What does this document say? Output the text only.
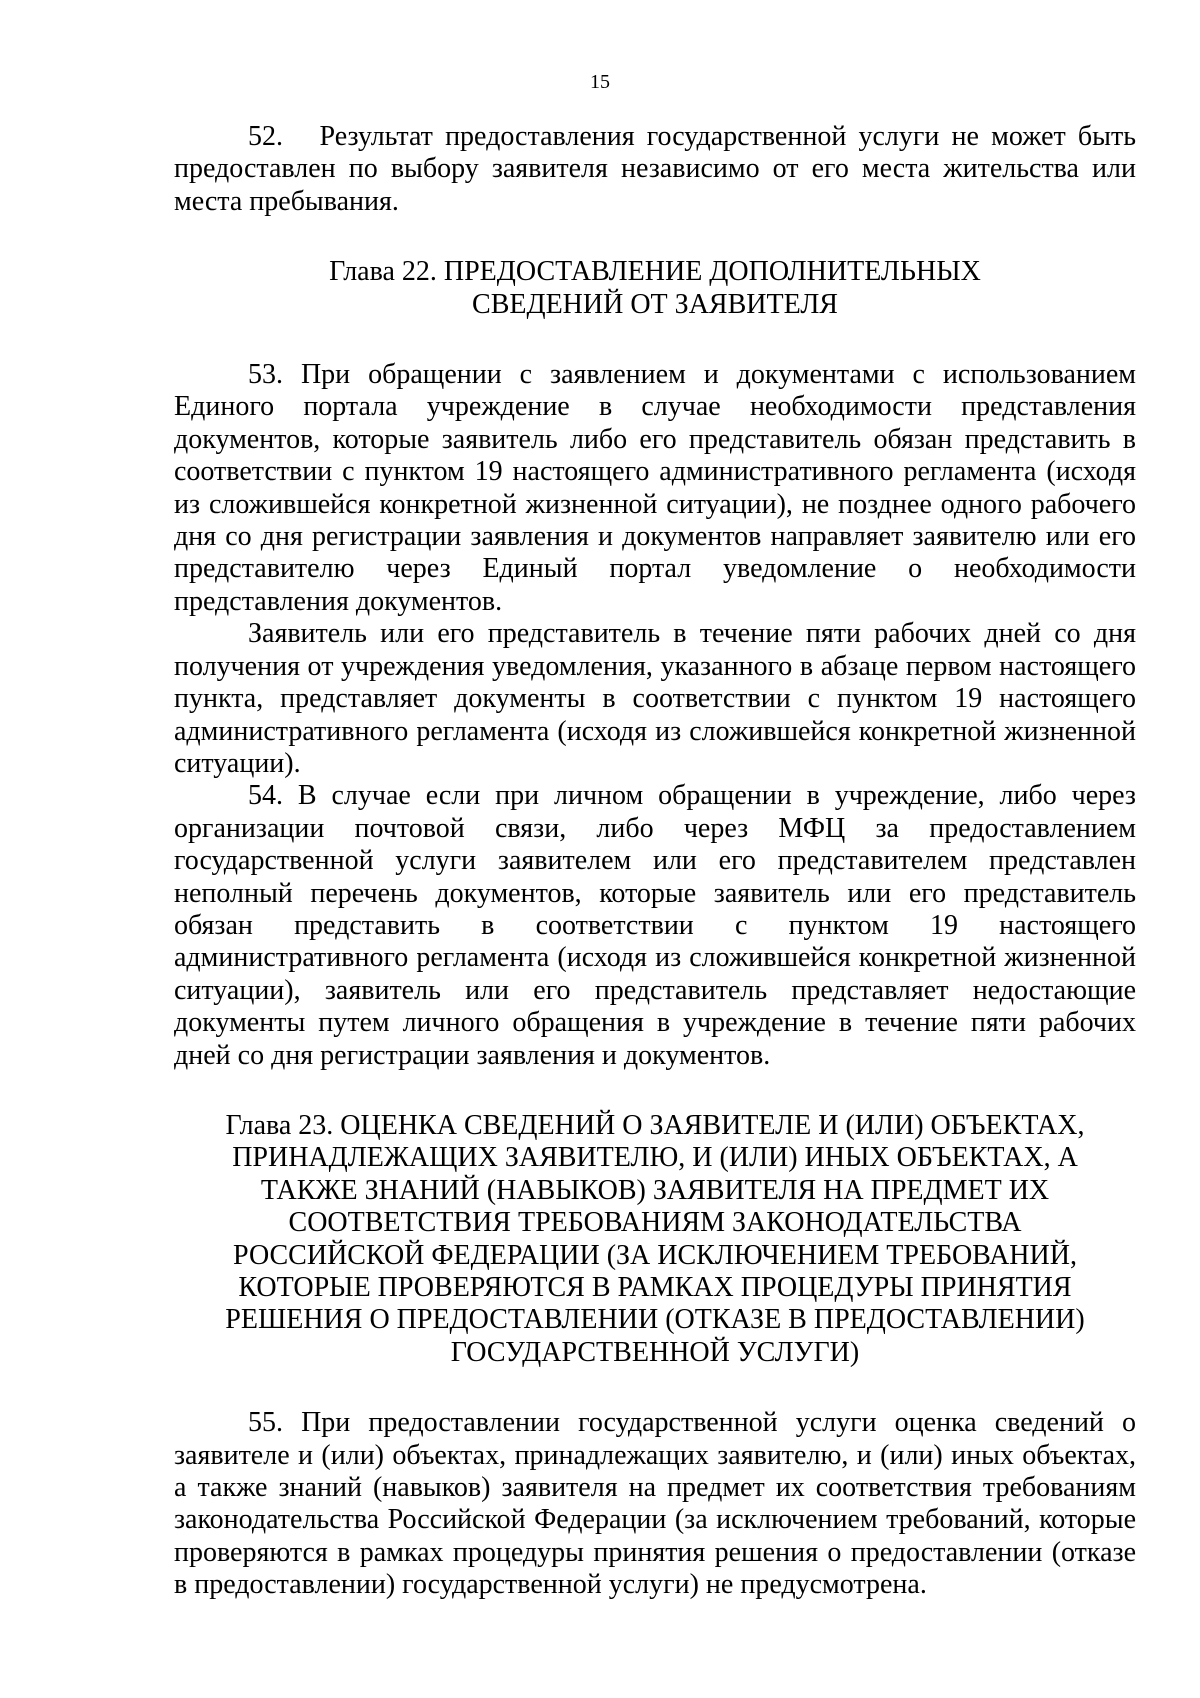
15

52.   Результат предоставления государственной услуги не может быть предоставлен по выбору заявителя независимо от его места жительства или места пребывания.

Глава 22. ПРЕДОСТАВЛЕНИЕ ДОПОЛНИТЕЛЬНЫХ СВЕДЕНИЙ ОТ ЗАЯВИТЕЛЯ

53. При обращении с заявлением и документами с использованием Единого портала учреждение в случае необходимости представления документов, которые заявитель либо его представитель обязан представить в соответствии с пунктом 19 настоящего административного регламента (исходя из сложившейся конкретной жизненной ситуации), не позднее одного рабочего дня со дня регистрации заявления и документов направляет заявителю или его представителю через Единый портал уведомление о необходимости представления документов.

Заявитель или его представитель в течение пяти рабочих дней со дня получения от учреждения уведомления, указанного в абзаце первом настоящего пункта, представляет документы в соответствии с пунктом 19 настоящего административного регламента (исходя из сложившейся конкретной жизненной ситуации).

54. В случае если при личном обращении в учреждение, либо через организации почтовой связи, либо через МФЦ за предоставлением государственной услуги заявителем или его представителем представлен неполный перечень документов, которые заявитель или его представитель обязан представить в соответствии с пунктом 19 настоящего административного регламента (исходя из сложившейся конкретной жизненной ситуации), заявитель или его представитель представляет недостающие документы путем личного обращения в учреждение в течение пяти рабочих дней со дня регистрации заявления и документов.

Глава 23. ОЦЕНКА СВЕДЕНИЙ О ЗАЯВИТЕЛЕ И (ИЛИ) ОБЪЕКТАХ, ПРИНАДЛЕЖАЩИХ ЗАЯВИТЕЛЮ, И (ИЛИ) ИНЫХ ОБЪЕКТАХ, А ТАКЖЕ ЗНАНИЙ (НАВЫКОВ) ЗАЯВИТЕЛЯ НА ПРЕДМЕТ ИХ СООТВЕТСТВИЯ ТРЕБОВАНИЯМ ЗАКОНОДАТЕЛЬСТВА РОССИЙСКОЙ ФЕДЕРАЦИИ (ЗА ИСКЛЮЧЕНИЕМ ТРЕБОВАНИЙ, КОТОРЫЕ ПРОВЕРЯЮТСЯ В РАМКАХ ПРОЦЕДУРЫ ПРИНЯТИЯ РЕШЕНИЯ О ПРЕДОСТАВЛЕНИИ (ОТКАЗЕ В ПРЕДОСТАВЛЕНИИ) ГОСУДАРСТВЕННОЙ УСЛУГИ)

55. При предоставлении государственной услуги оценка сведений о заявителе и (или) объектах, принадлежащих заявителю, и (или) иных объектах, а также знаний (навыков) заявителя на предмет их соответствия требованиям законодательства Российской Федерации (за исключением требований, которые проверяются в рамках процедуры принятия решения о предоставлении (отказе в предоставлении) государственной услуги) не предусмотрена.
